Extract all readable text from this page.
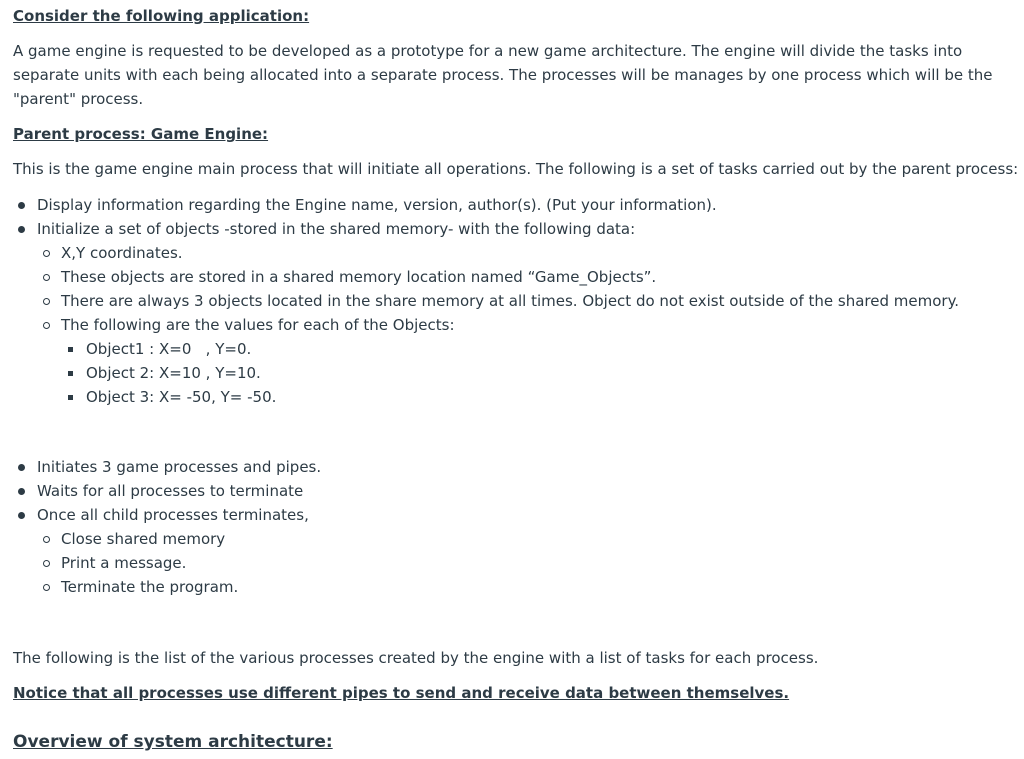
Consider the following application:
A game engine is requested to be developed as a prototype for a new game architecture. The engine will divide the tasks into separate units with each being allocated into a separate process. The processes will be manages by one process which will be the "parent" process.
Parent process: Game Engine:
This is the game engine main process that will initiate all operations. The following is a set of tasks carried out by the parent process:
Display information regarding the Engine name, version, author(s). (Put your information).
Initialize a set of objects -stored in the shared memory- with the following data:
X,Y coordinates.
These objects are stored in a shared memory location named “Game_Objects”.
There are always 3 objects located in the share memory at all times. Object do not exist outside of the shared memory.
The following are the values for each of the Objects:
Object1 : X=0   , Y=0.
Object 2: X=10 , Y=10.
Object 3: X= -50, Y= -50.
Initiates 3 game processes and pipes.
Waits for all processes to terminate
Once all child processes terminates,
Close shared memory
Print a message.
Terminate the program.
The following is the list of the various processes created by the engine with a list of tasks for each process.
Notice that all processes use different pipes to send and receive data between themselves.
Overview of system architecture:
